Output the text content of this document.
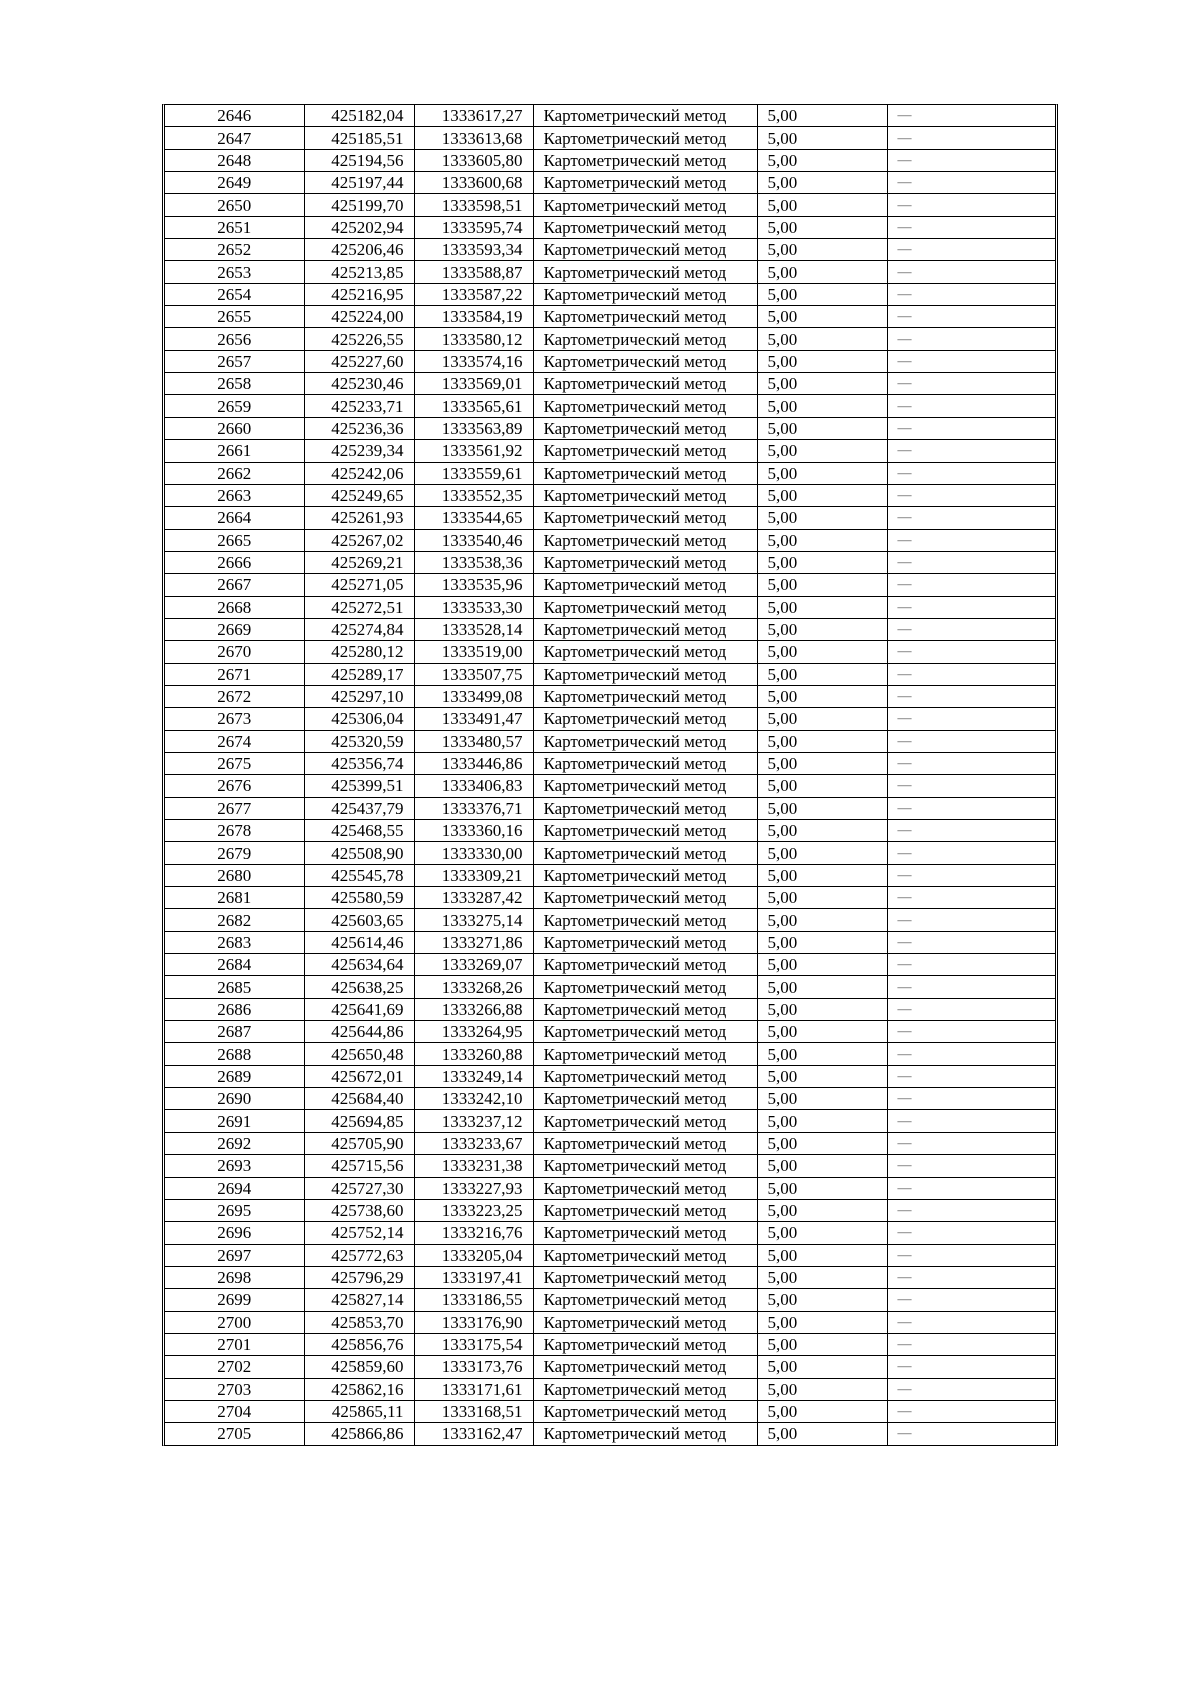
2646	425182,04	1333617,27	Картометрический метод	5,00	—
2647	425185,51	1333613,68	Картометрический метод	5,00	—
2648	425194,56	1333605,80	Картометрический метод	5,00	—
2649	425197,44	1333600,68	Картометрический метод	5,00	—
2650	425199,70	1333598,51	Картометрический метод	5,00	—
2651	425202,94	1333595,74	Картометрический метод	5,00	—
2652	425206,46	1333593,34	Картометрический метод	5,00	—
2653	425213,85	1333588,87	Картометрический метод	5,00	—
2654	425216,95	1333587,22	Картометрический метод	5,00	—
2655	425224,00	1333584,19	Картометрический метод	5,00	—
2656	425226,55	1333580,12	Картометрический метод	5,00	—
2657	425227,60	1333574,16	Картометрический метод	5,00	—
2658	425230,46	1333569,01	Картометрический метод	5,00	—
2659	425233,71	1333565,61	Картометрический метод	5,00	—
2660	425236,36	1333563,89	Картометрический метод	5,00	—
2661	425239,34	1333561,92	Картометрический метод	5,00	—
2662	425242,06	1333559,61	Картометрический метод	5,00	—
2663	425249,65	1333552,35	Картометрический метод	5,00	—
2664	425261,93	1333544,65	Картометрический метод	5,00	—
2665	425267,02	1333540,46	Картометрический метод	5,00	—
2666	425269,21	1333538,36	Картометрический метод	5,00	—
2667	425271,05	1333535,96	Картометрический метод	5,00	—
2668	425272,51	1333533,30	Картометрический метод	5,00	—
2669	425274,84	1333528,14	Картометрический метод	5,00	—
2670	425280,12	1333519,00	Картометрический метод	5,00	—
2671	425289,17	1333507,75	Картометрический метод	5,00	—
2672	425297,10	1333499,08	Картометрический метод	5,00	—
2673	425306,04	1333491,47	Картометрический метод	5,00	—
2674	425320,59	1333480,57	Картометрический метод	5,00	—
2675	425356,74	1333446,86	Картометрический метод	5,00	—
2676	425399,51	1333406,83	Картометрический метод	5,00	—
2677	425437,79	1333376,71	Картометрический метод	5,00	—
2678	425468,55	1333360,16	Картометрический метод	5,00	—
2679	425508,90	1333330,00	Картометрический метод	5,00	—
2680	425545,78	1333309,21	Картометрический метод	5,00	—
2681	425580,59	1333287,42	Картометрический метод	5,00	—
2682	425603,65	1333275,14	Картометрический метод	5,00	—
2683	425614,46	1333271,86	Картометрический метод	5,00	—
2684	425634,64	1333269,07	Картометрический метод	5,00	—
2685	425638,25	1333268,26	Картометрический метод	5,00	—
2686	425641,69	1333266,88	Картометрический метод	5,00	—
2687	425644,86	1333264,95	Картометрический метод	5,00	—
2688	425650,48	1333260,88	Картометрический метод	5,00	—
2689	425672,01	1333249,14	Картометрический метод	5,00	—
2690	425684,40	1333242,10	Картометрический метод	5,00	—
2691	425694,85	1333237,12	Картометрический метод	5,00	—
2692	425705,90	1333233,67	Картометрический метод	5,00	—
2693	425715,56	1333231,38	Картометрический метод	5,00	—
2694	425727,30	1333227,93	Картометрический метод	5,00	—
2695	425738,60	1333223,25	Картометрический метод	5,00	—
2696	425752,14	1333216,76	Картометрический метод	5,00	—
2697	425772,63	1333205,04	Картометрический метод	5,00	—
2698	425796,29	1333197,41	Картометрический метод	5,00	—
2699	425827,14	1333186,55	Картометрический метод	5,00	—
2700	425853,70	1333176,90	Картометрический метод	5,00	—
2701	425856,76	1333175,54	Картометрический метод	5,00	—
2702	425859,60	1333173,76	Картометрический метод	5,00	—
2703	425862,16	1333171,61	Картометрический метод	5,00	—
2704	425865,11	1333168,51	Картометрический метод	5,00	—
2705	425866,86	1333162,47	Картометрический метод	5,00	—
